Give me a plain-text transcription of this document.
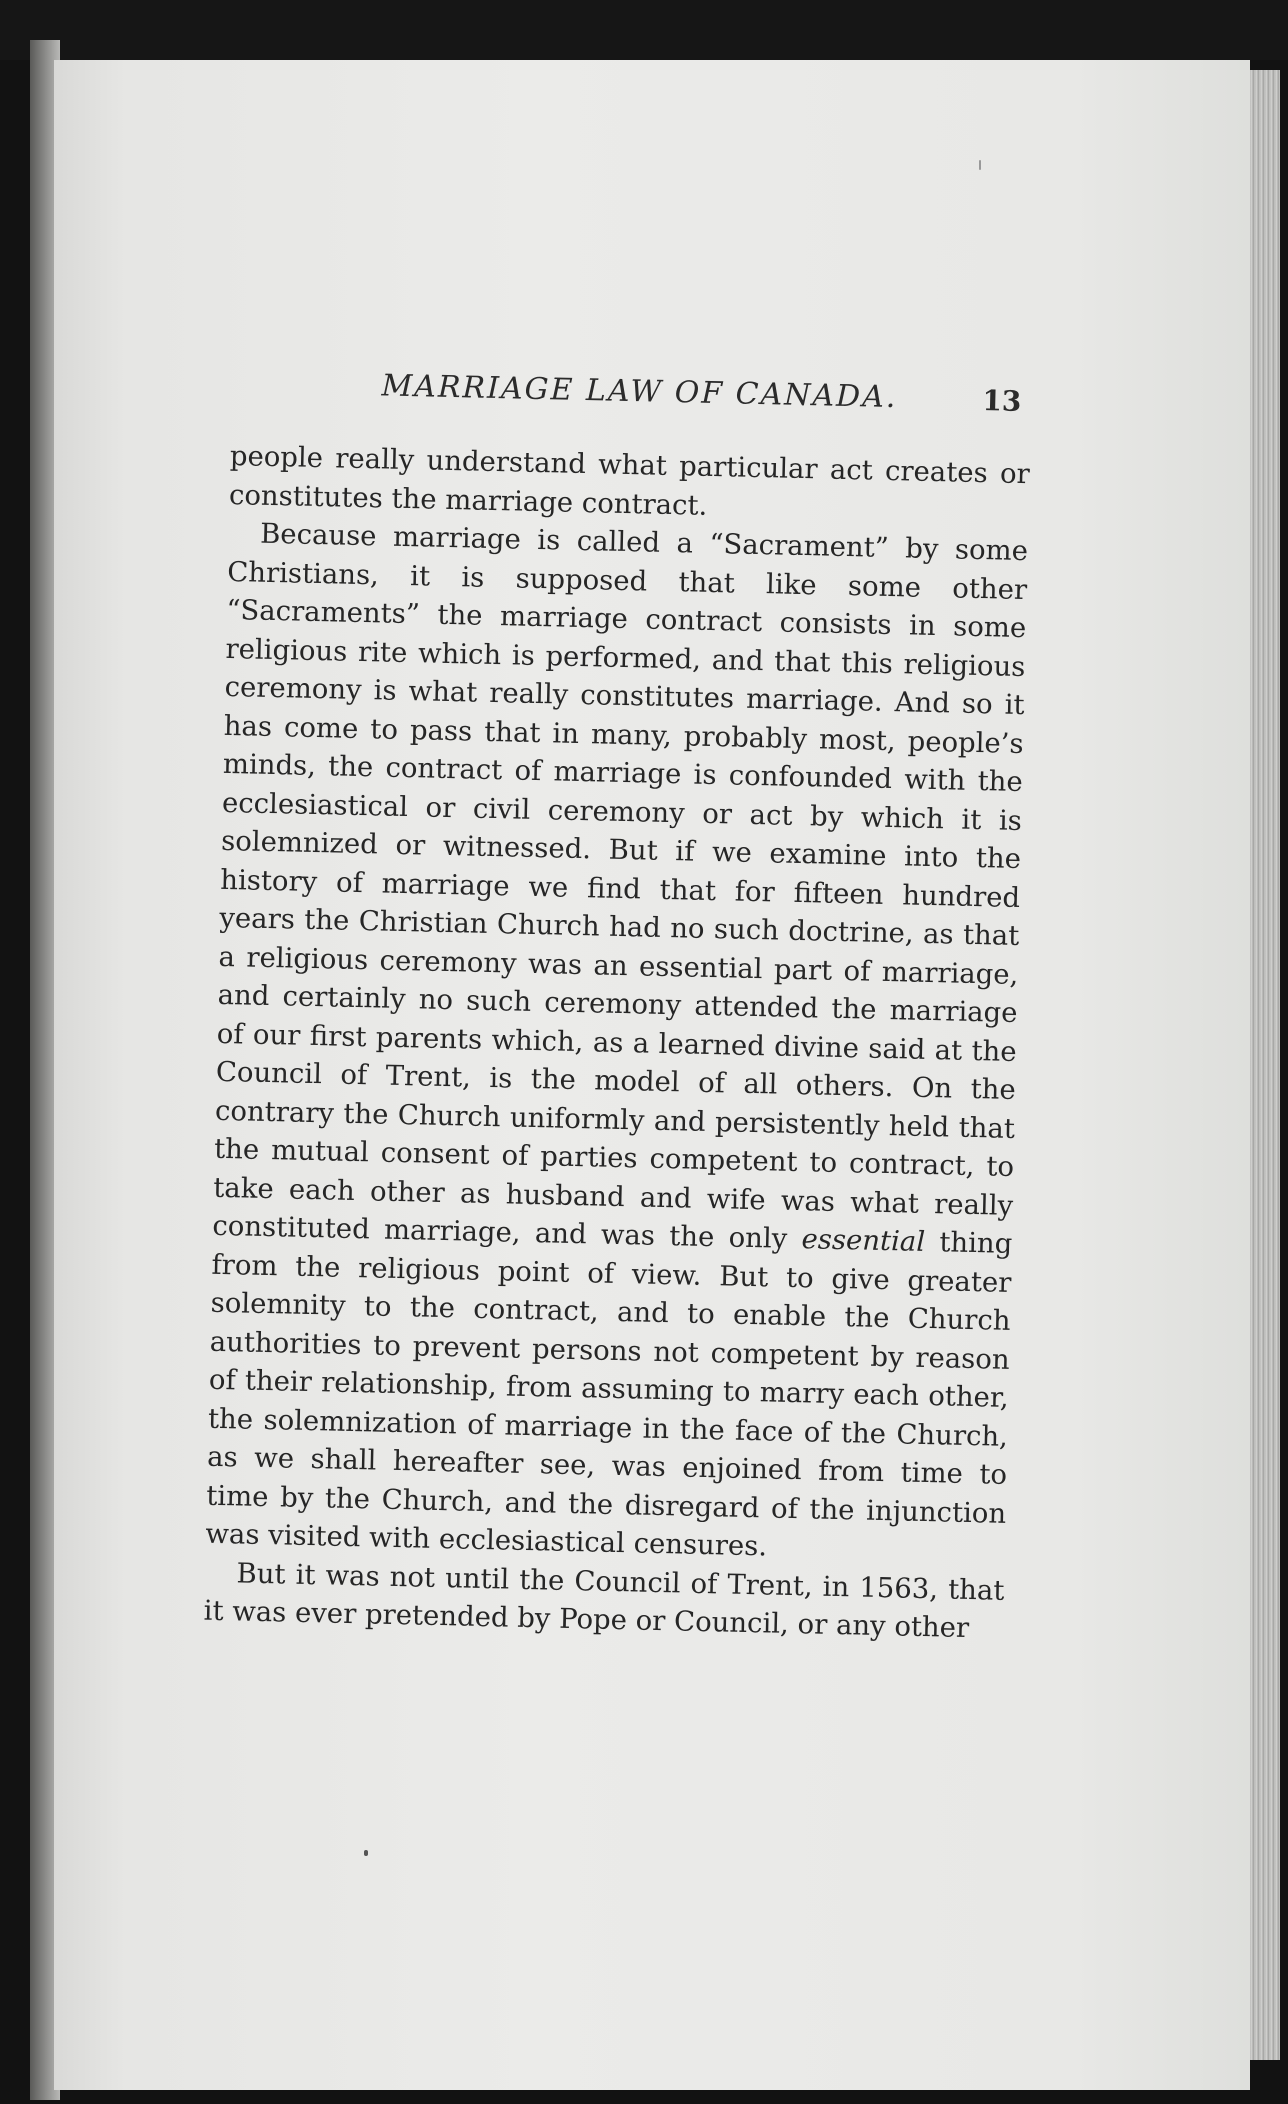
MARRIAGE LAW OF CANADA.	13

people really understand what particular act creates or constitutes the marriage contract.

Because marriage is called a “Sacrament” by some Christians, it is supposed that like some other “Sacraments” the marriage contract consists in some religious rite which is performed, and that this religious ceremony is what really constitutes marriage. And so it has come to pass that in many, probably most, people’s minds, the contract of marriage is confounded with the ecclesiastical or civil ceremony or act by which it is solemnized or witnessed. But if we examine into the history of marriage we find that for fifteen hundred years the Christian Church had no such doctrine, as that a religious ceremony was an essential part of marriage, and certainly no such ceremony attended the marriage of our first parents which, as a learned divine said at the Council of Trent, is the model of all others. On the contrary the Church uniformly and persistently held that the mutual consent of parties competent to contract, to take each other as husband and wife was what really constituted marriage, and was the only essential thing from the religious point of view. But to give greater solemnity to the contract, and to enable the Church authorities to prevent persons not competent by reason of their relationship, from assuming to marry each other, the solemnization of marriage in the face of the Church, as we shall hereafter see, was enjoined from time to time by the Church, and the disregard of the injunction was visited with ecclesiastical censures.

But it was not until the Council of Trent, in 1563, that it was ever pretended by Pope or Council, or any other
